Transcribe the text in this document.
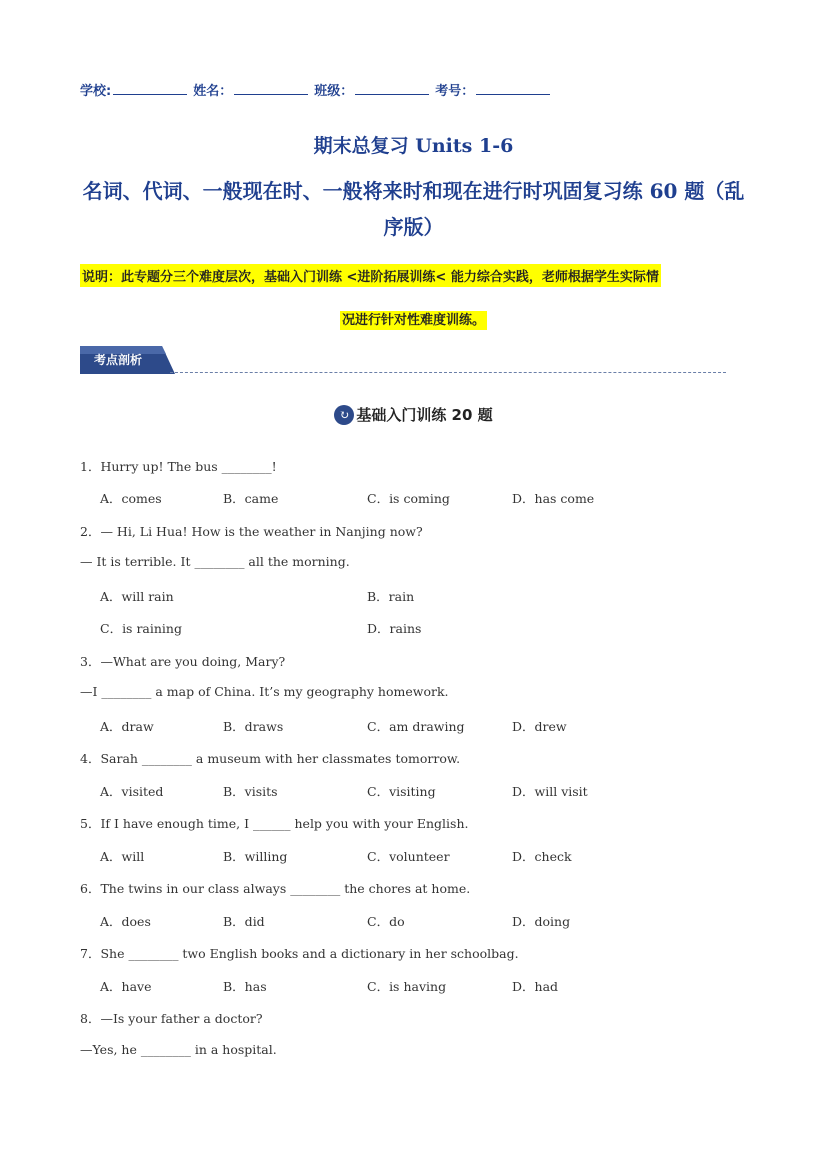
学校:	姓名：	班级：	考号：
期末总复习 Units 1-6
名词、代词、一般现在时、一般将来时和现在进行时巩固复习练 60 题（乱序版）
说明：此专题分三个难度层次，基础入门训练 <进阶拓展训练< 能力综合实践，老师根据学生实际情
况进行针对性难度训练。
考点剖析
↻ 基础入门训练 20 题
1．Hurry up! The bus ________!
A．comes	B．came	C．is coming	D．has come
2．— Hi, Li Hua! How is the weather in Nanjing now?
— It is terrible. It ________ all the morning.
A．will rain	B．rain
C．is raining	D．rains
3．—What are you doing, Mary?
—I ________ a map of China. It’s my geography homework.
A．draw	B．draws	C．am drawing	D．drew
4．Sarah ________ a museum with her classmates tomorrow.
A．visited	B．visits	C．visiting	D．will visit
5．If I have enough time, I ______ help you with your English.
A．will	B．willing	C．volunteer	D．check
6．The twins in our class always ________ the chores at home.
A．does	B．did	C．do	D．doing
7．She ________ two English books and a dictionary in her schoolbag.
A．have	B．has	C．is having	D．had
8．—Is your father a doctor?
—Yes, he ________ in a hospital.
